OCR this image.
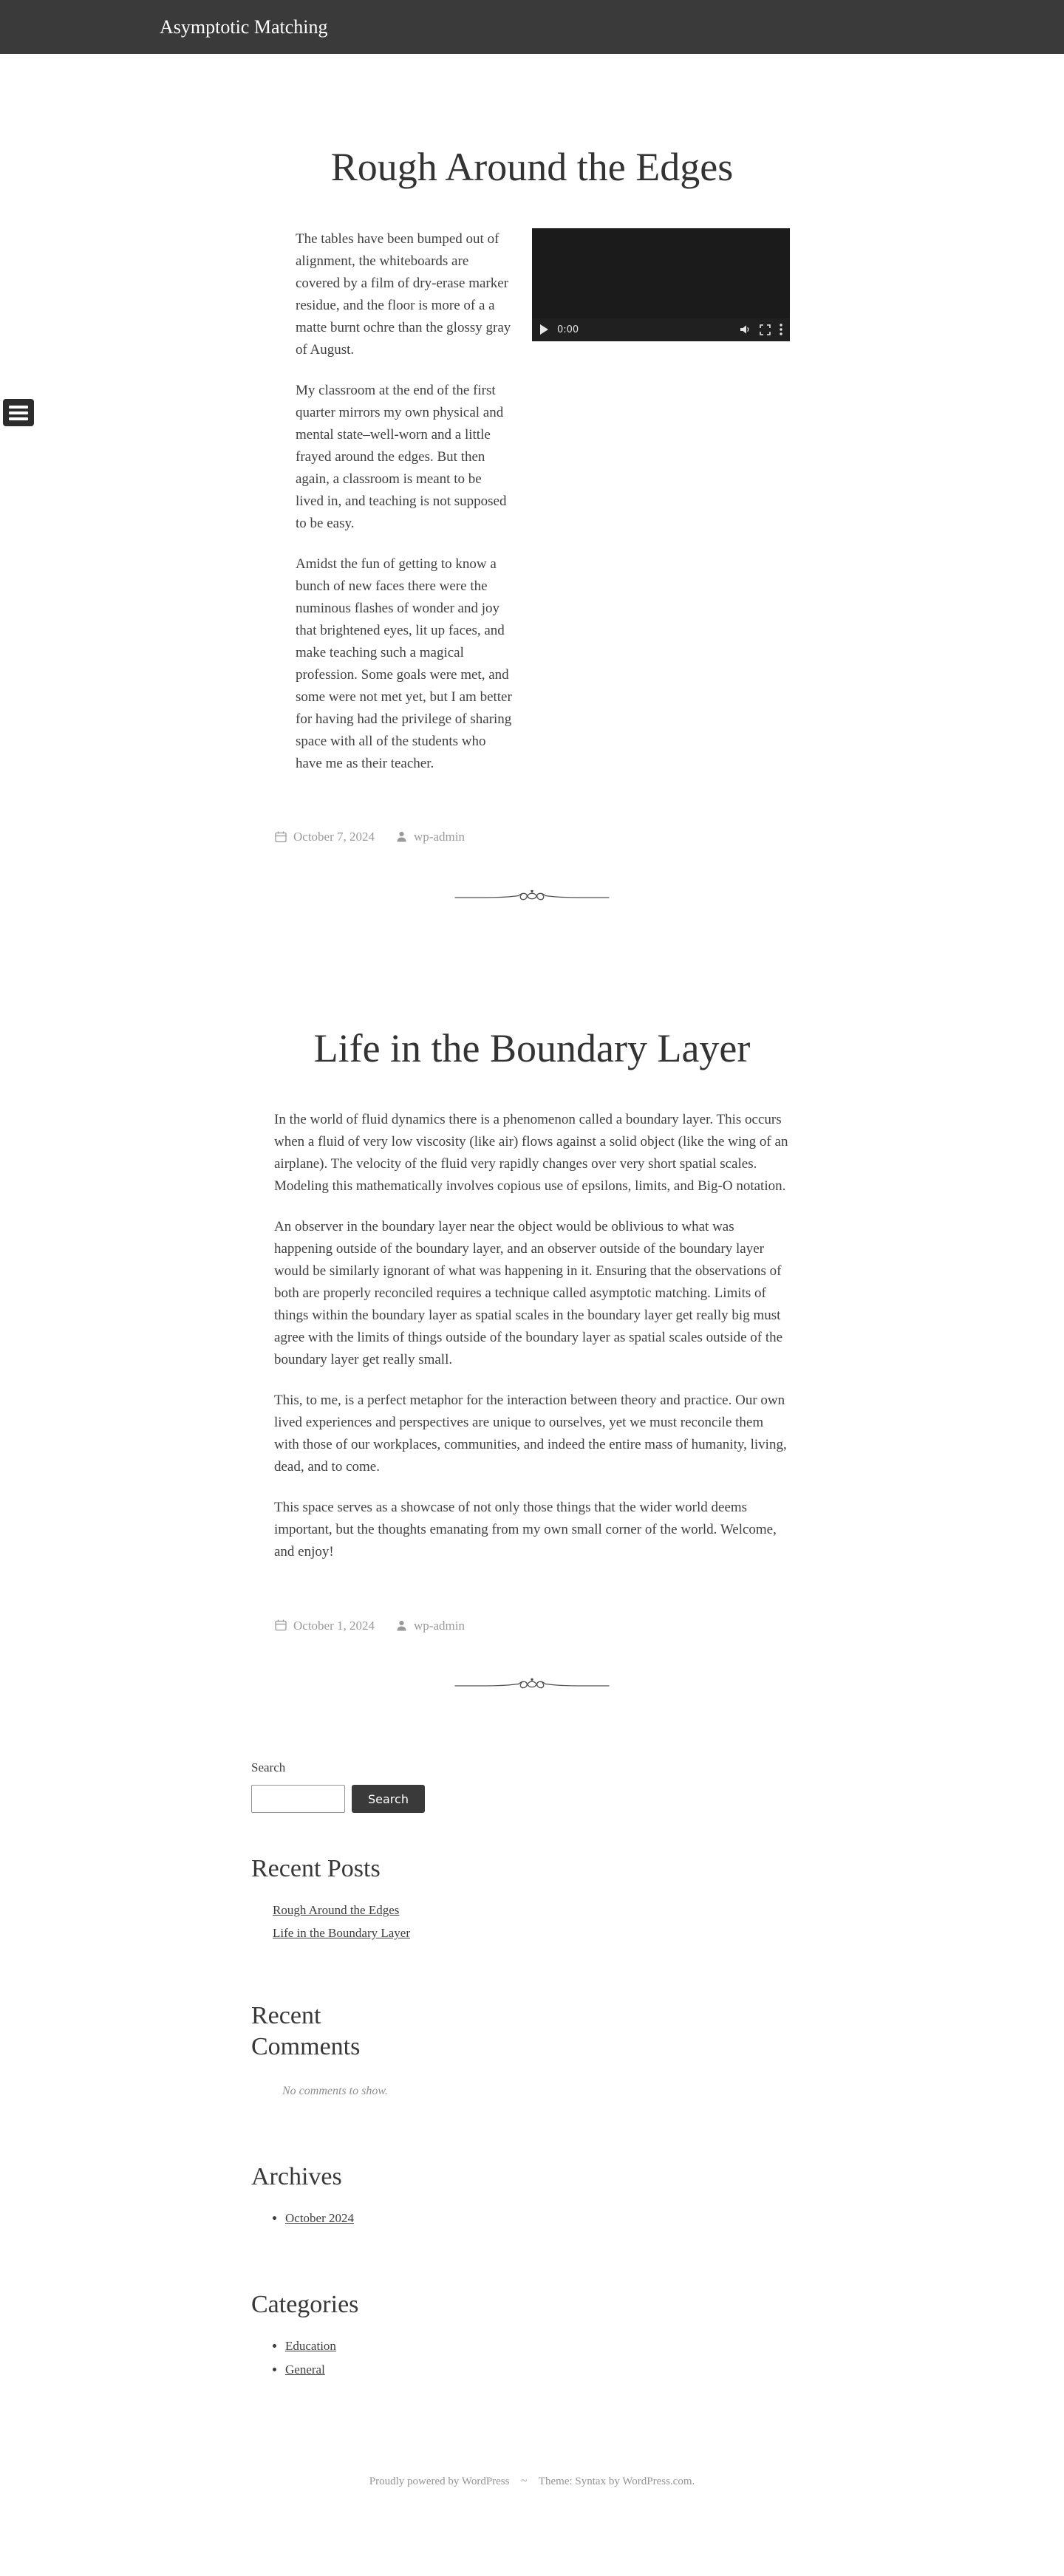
Asymptotic Matching
Rough Around the Edges

The tables have been bumped out of alignment, the whiteboards are covered by a film of dry-erase marker residue, and the floor is more of a a matte burnt ochre than the glossy gray of August.

My classroom at the end of the first quarter mirrors my own physical and mental state–well-worn and a little frayed around the edges. But then again, a classroom is meant to be lived in, and teaching is not supposed to be easy.

Amidst the fun of getting to know a bunch of new faces there were the numinous flashes of wonder and joy that brightened eyes, lit up faces, and make teaching such a magical profession. Some goals were met, and some were not met yet, but I am better for having had the privilege of sharing space with all of the students who have me as their teacher.

0:00
October 7, 2024	wp-admin
Life in the Boundary Layer

In the world of fluid dynamics there is a phenomenon called a boundary layer. This occurs when a fluid of very low viscosity (like air) flows against a solid object (like the wing of an airplane). The velocity of the fluid very rapidly changes over very short spatial scales. Modeling this mathematically involves copious use of epsilons, limits, and Big-O notation.

An observer in the boundary layer near the object would be oblivious to what was happening outside of the boundary layer, and an observer outside of the boundary layer would be similarly ignorant of what was happening in it. Ensuring that the observations of both are properly reconciled requires a technique called asymptotic matching. Limits of things within the boundary layer as spatial scales in the boundary layer get really big must agree with the limits of things outside of the boundary layer as spatial scales outside of the boundary layer get really small.

This, to me, is a perfect metaphor for the interaction between theory and practice. Our own lived experiences and perspectives are unique to ourselves, yet we must reconcile them with those of our workplaces, communities, and indeed the entire mass of humanity, living, dead, and to come.

This space serves as a showcase of not only those things that the wider world deems important, but the thoughts emanating from my own small corner of the world. Welcome, and enjoy!

October 1, 2024	wp-admin
Search
Search
Recent Posts
Rough Around the Edges
Life in the Boundary Layer
Recent Comments

No comments to show.

Archives
• October 2024
Categories
• Education
• General
Proudly powered by WordPress ~ Theme: Syntax by WordPress.com.
